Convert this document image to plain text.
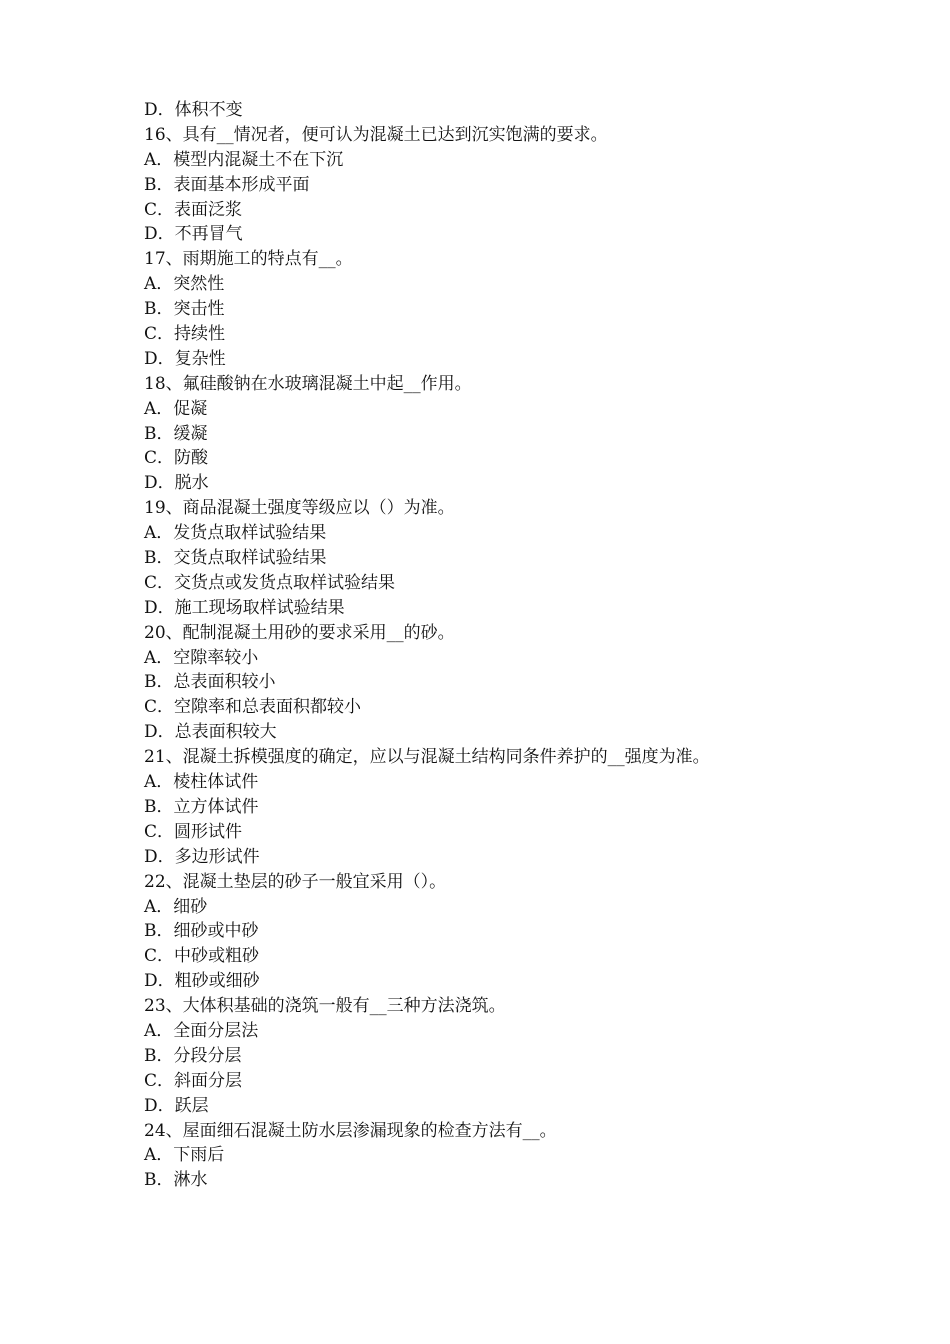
D．体积不变
16、具有__情况者，便可认为混凝土已达到沉实饱满的要求。
A．模型内混凝土不在下沉
B．表面基本形成平面
C．表面泛浆
D．不再冒气
17、雨期施工的特点有__。
A．突然性
B．突击性
C．持续性
D．复杂性
18、氟硅酸钠在水玻璃混凝土中起__作用。
A．促凝
B．缓凝
C．防酸
D．脱水
19、商品混凝土强度等级应以（）为准。
A．发货点取样试验结果
B．交货点取样试验结果
C．交货点或发货点取样试验结果
D．施工现场取样试验结果
20、配制混凝土用砂的要求采用__的砂。
A．空隙率较小
B．总表面积较小
C．空隙率和总表面积都较小
D．总表面积较大
21、混凝土拆模强度的确定，应以与混凝土结构同条件养护的__强度为准。
A．棱柱体试件
B．立方体试件
C．圆形试件
D．多边形试件
22、混凝土垫层的砂子一般宜采用（）。
A．细砂
B．细砂或中砂
C．中砂或粗砂
D．粗砂或细砂
23、大体积基础的浇筑一般有__三种方法浇筑。
A．全面分层法
B．分段分层
C．斜面分层
D．跃层
24、屋面细石混凝土防水层渗漏现象的检查方法有__。
A．下雨后
B．淋水
